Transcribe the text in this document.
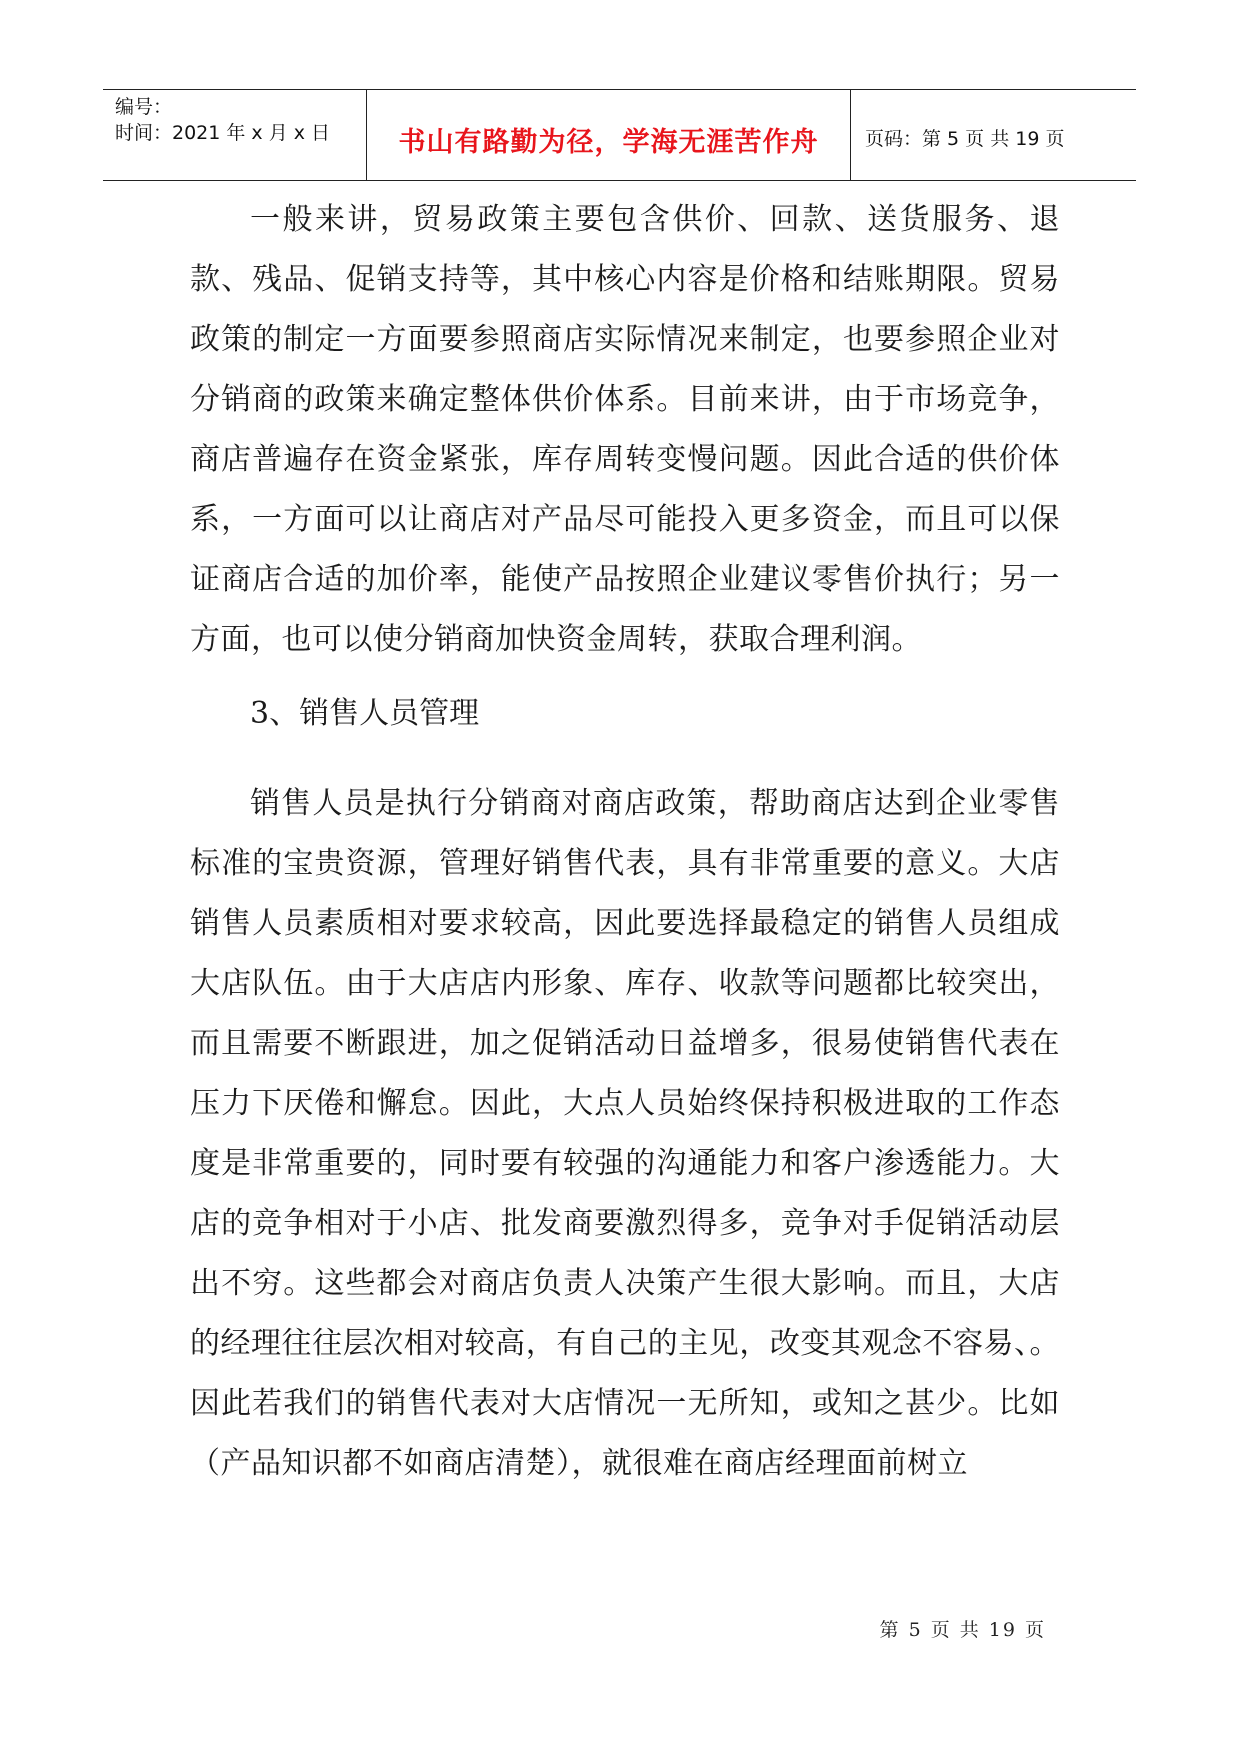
编号：
时间：2021 年 x 月 x 日	书山有路勤为径，学海无涯苦作舟	页码：第 5 页 共 19 页

一般来讲，贸易政策主要包含供价、回款、送货服务、退款、残品、促销支持等，其中核心内容是价格和结账期限。贸易政策的制定一方面要参照商店实际情况来制定，也要参照企业对分销商的政策来确定整体供价体系。目前来讲，由于市场竞争，商店普遍存在资金紧张，库存周转变慢问题。因此合适的供价体系，一方面可以让商店对产品尽可能投入更多资金，而且可以保证商店合适的加价率，能使产品按照企业建议零售价执行；另一方面，也可以使分销商加快资金周转，获取合理利润。

3、销售人员管理

销售人员是执行分销商对商店政策，帮助商店达到企业零售标准的宝贵资源，管理好销售代表，具有非常重要的意义。大店销售人员素质相对要求较高，因此要选择最稳定的销售人员组成大店队伍。由于大店店内形象、库存、收款等问题都比较突出，而且需要不断跟进，加之促销活动日益增多，很易使销售代表在压力下厌倦和懈怠。因此，大点人员始终保持积极进取的工作态度是非常重要的，同时要有较强的沟通能力和客户渗透能力。大店的竞争相对于小店、批发商要激烈得多，竞争对手促销活动层出不穷。这些都会对商店负责人决策产生很大影响。而且，大店的经理往往层次相对较高，有自己的主见，改变其观念不容易、。因此若我们的销售代表对大店情况一无所知，或知之甚少。比如（产品知识都不如商店清楚），就很难在商店经理面前树立

第 5 页 共 19 页
